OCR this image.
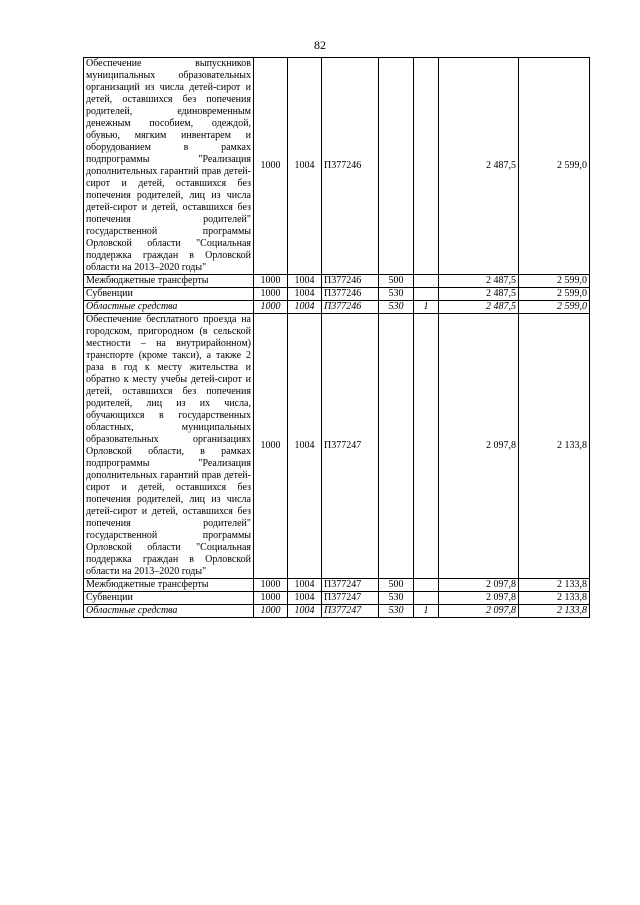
82
Обеспечение выпускников муниципальных образовательных организаций из числа детей-сирот и детей, оставшихся без попечения родителей, единовременным денежным пособием, одеждой, обувью, мягким инвентарем и оборудованием в рамках подпрограммы "Реализация дополнительных гарантий прав детей-сирот и детей, оставшихся без попечения родителей, лиц из числа детей-сирот и детей, оставшихся без попечения родителей" государственной программы Орловской области "Социальная поддержка граждан в Орловской области на 2013–2020 годы"	1000	1004	П377246			2 487,5	2 599,0
Межбюджетные трансферты	1000	1004	П377246	500		2 487,5	2 599,0
Субвенции	1000	1004	П377246	530		2 487,5	2 599,0
Областные средства	1000	1004	П377246	530	1	2 487,5	2 599,0
Обеспечение бесплатного проезда на городском, пригородном (в сельской местности – на внутрирайонном) транспорте (кроме такси), а также 2 раза в год к месту жительства и обратно к месту учебы детей-сирот и детей, оставшихся без попечения родителей, лиц из их числа, обучающихся в государственных областных, муниципальных образовательных организациях Орловской области, в рамках подпрограммы "Реализация дополнительных гарантий прав детей-сирот и детей, оставшихся без попечения родителей, лиц из числа детей-сирот и детей, оставшихся без попечения родителей" государственной программы Орловской области "Социальная поддержка граждан в Орловской области на 2013–2020 годы"	1000	1004	П377247			2 097,8	2 133,8
Межбюджетные трансферты	1000	1004	П377247	500		2 097,8	2 133,8
Субвенции	1000	1004	П377247	530		2 097,8	2 133,8
Областные средства	1000	1004	П377247	530	1	2 097,8	2 133,8
